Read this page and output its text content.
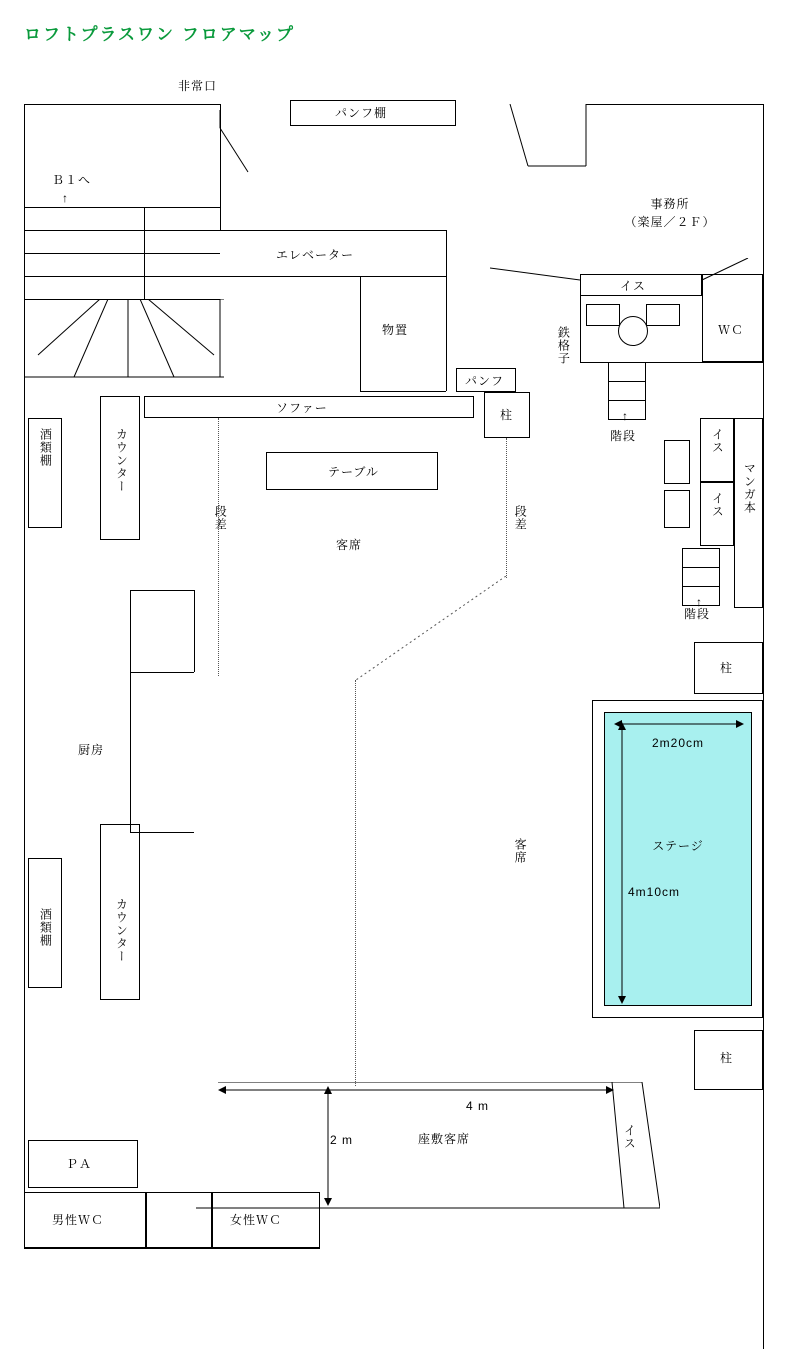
ロフトプラスワン フロアマップ
非常口
パンフ棚
事務所
（楽屋／２Ｆ）
Ｂ１へ
↑
エレベーター
物置
イス
ＷＣ
鉄格子
↑
階段
ソファー
パンフ
柱
酒類棚	カウンター
段差	段差
テーブル
客席
客席
イス
イス マンガ本
↑
階段
柱
厨房
酒類棚	カウンター
ステージ
2m20cm
4m10cm
柱
イス
座敷客席
4 m
2 m
ＰＡ
男性ＷＣ	女性ＷＣ
